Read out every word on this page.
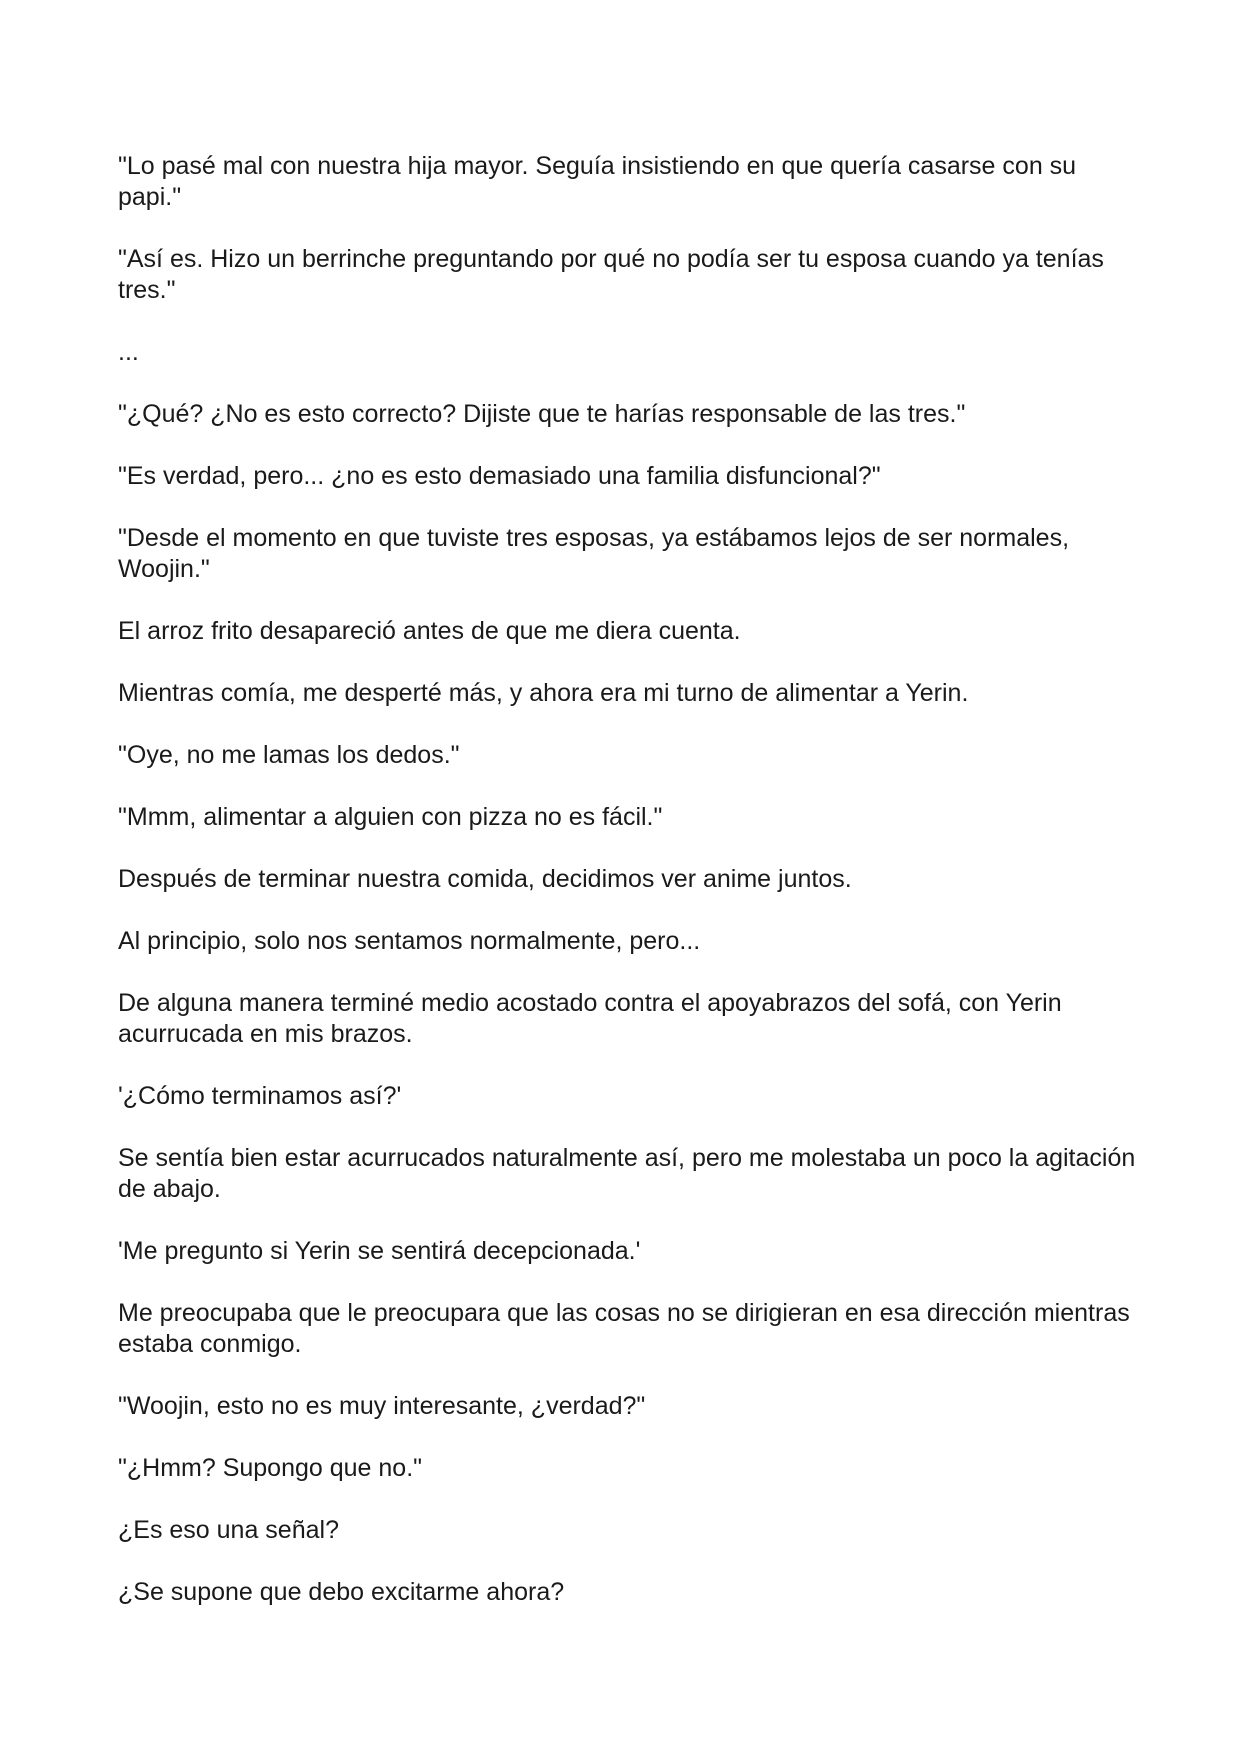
"Lo pasé mal con nuestra hija mayor. Seguía insistiendo en que quería casarse con su papi."

"Así es. Hizo un berrinche preguntando por qué no podía ser tu esposa cuando ya tenías tres."

...

"¿Qué? ¿No es esto correcto? Dijiste que te harías responsable de las tres."

"Es verdad, pero... ¿no es esto demasiado una familia disfuncional?"

"Desde el momento en que tuviste tres esposas, ya estábamos lejos de ser normales, Woojin."

El arroz frito desapareció antes de que me diera cuenta.

Mientras comía, me desperté más, y ahora era mi turno de alimentar a Yerin.

"Oye, no me lamas los dedos."

"Mmm, alimentar a alguien con pizza no es fácil."

Después de terminar nuestra comida, decidimos ver anime juntos.

Al principio, solo nos sentamos normalmente, pero...

De alguna manera terminé medio acostado contra el apoyabrazos del sofá, con Yerin acurrucada en mis brazos.

'¿Cómo terminamos así?'

Se sentía bien estar acurrucados naturalmente así, pero me molestaba un poco la agitación de abajo.

'Me pregunto si Yerin se sentirá decepcionada.'

Me preocupaba que le preocupara que las cosas no se dirigieran en esa dirección mientras estaba conmigo.

"Woojin, esto no es muy interesante, ¿verdad?"

"¿Hmm? Supongo que no."

¿Es eso una señal?

¿Se supone que debo excitarme ahora?
